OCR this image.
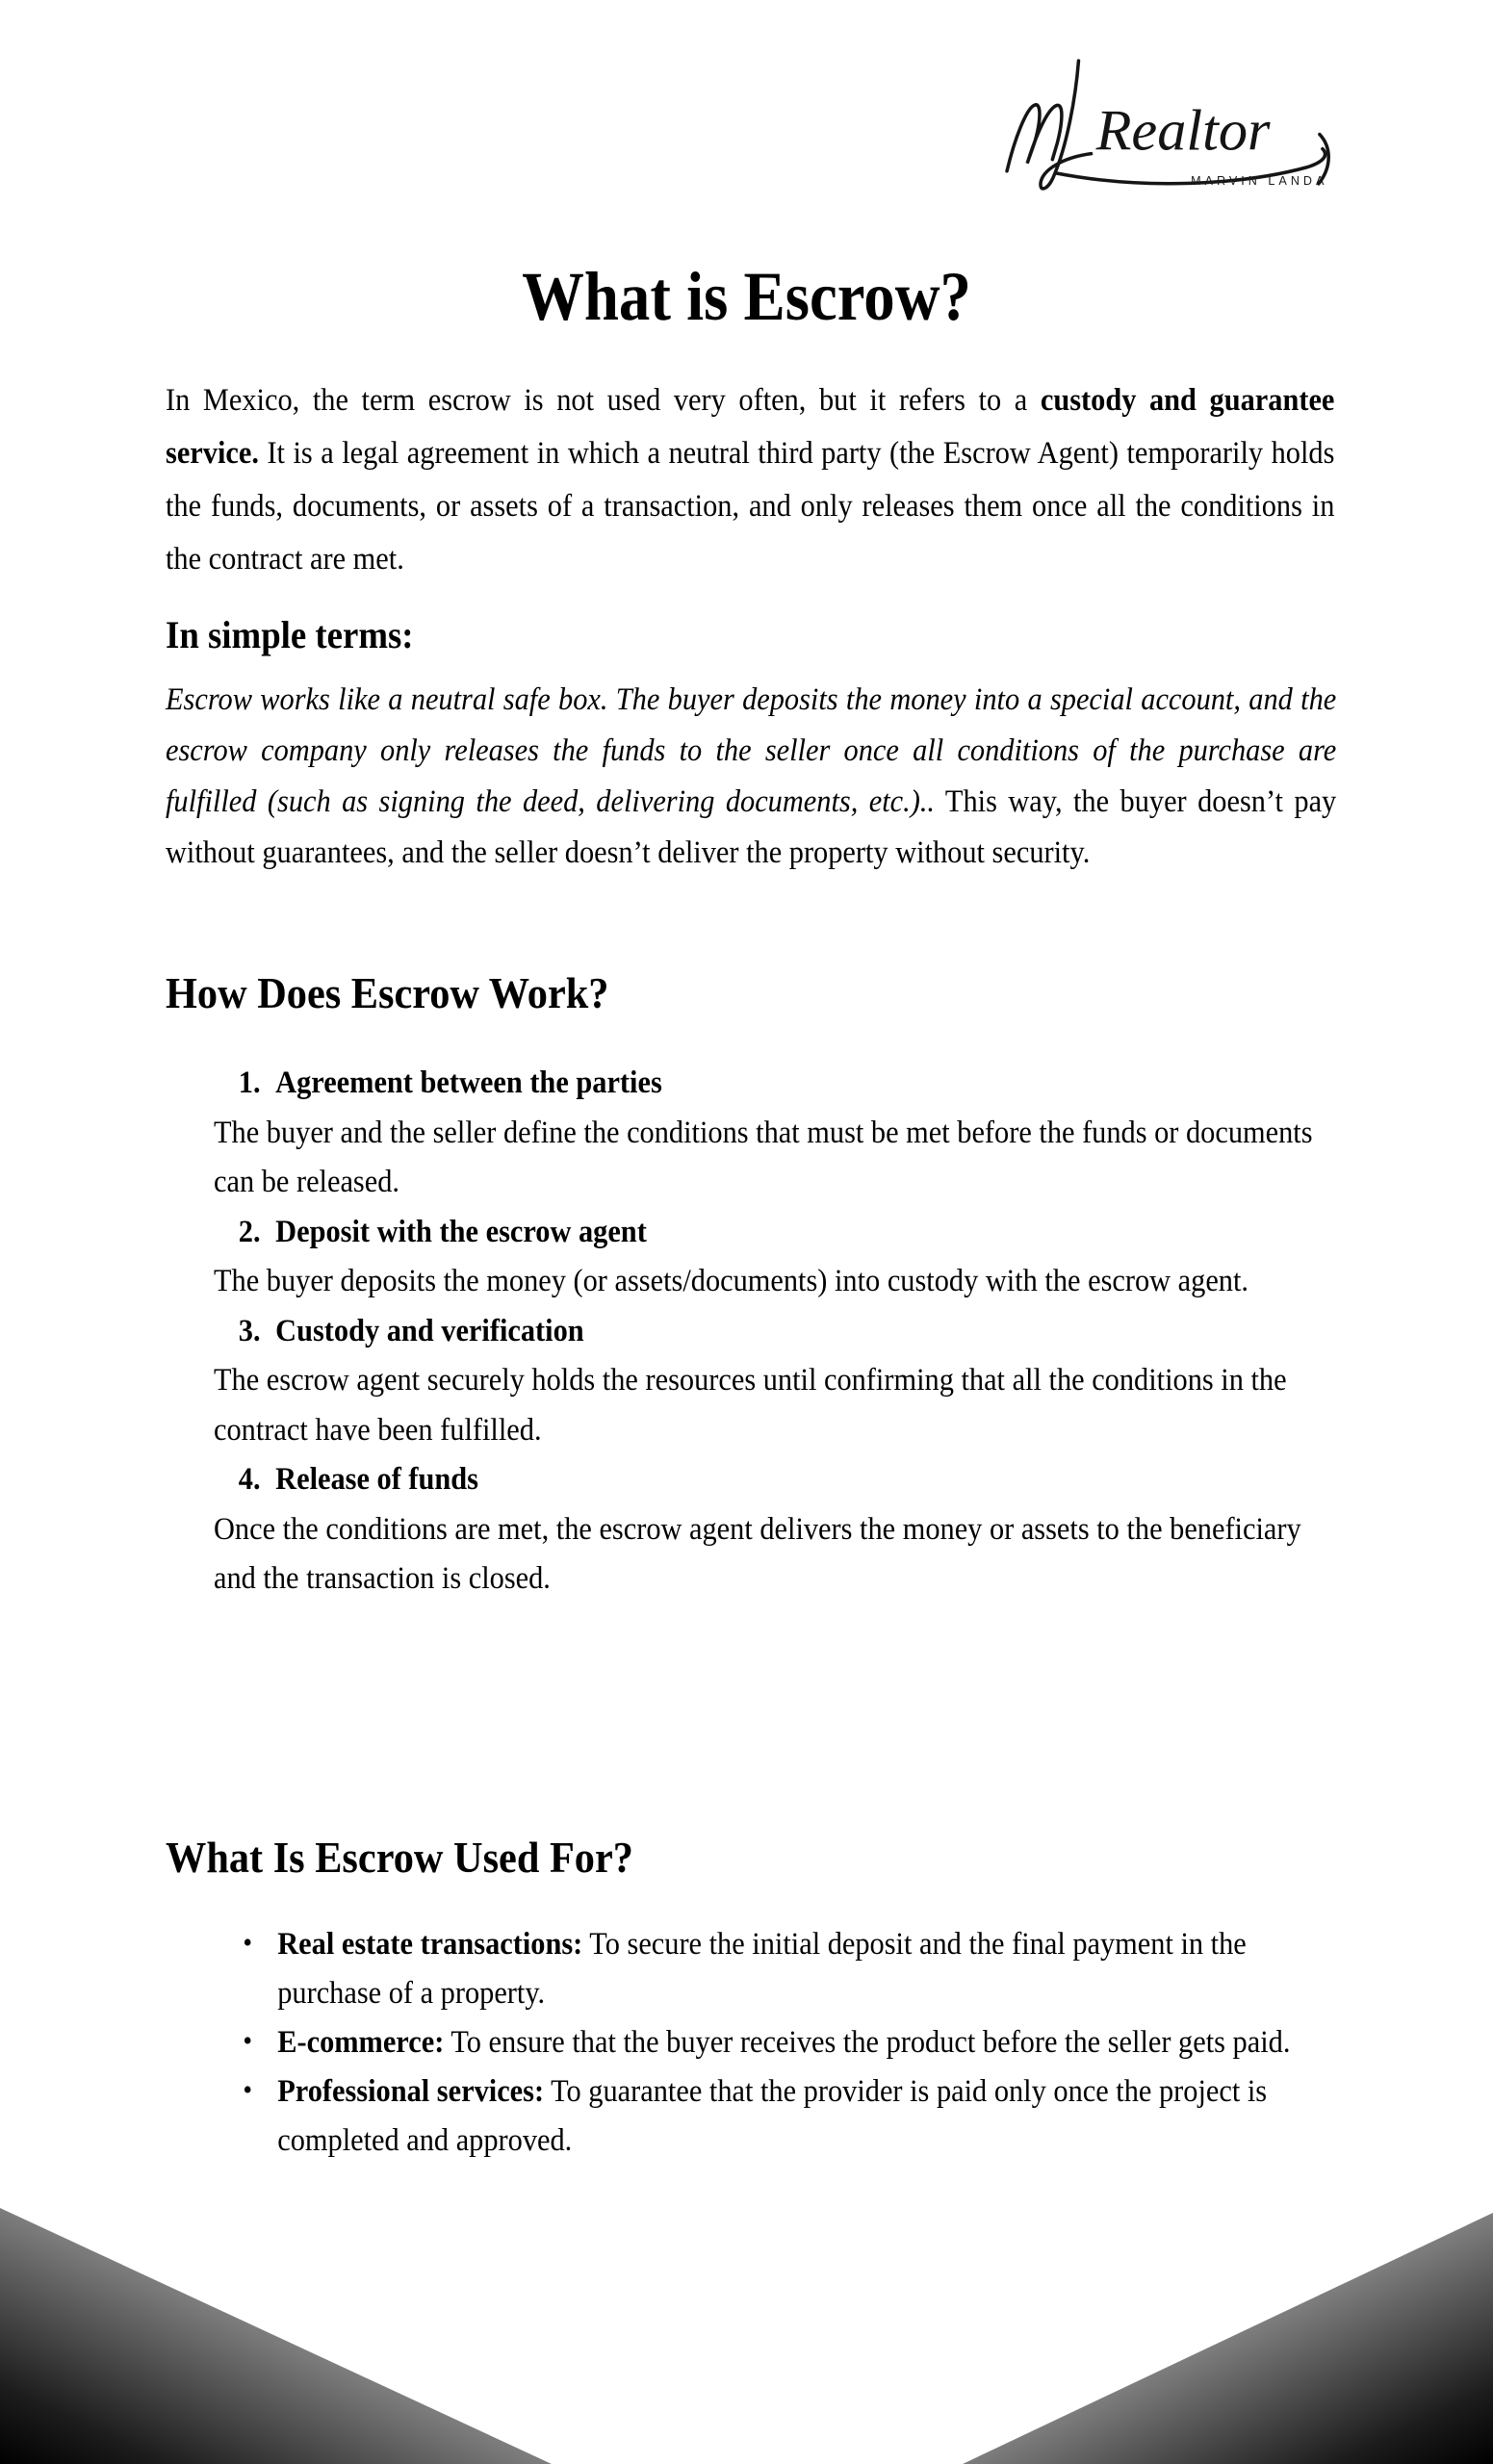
Realtor
MARVIN LANDA
What is Escrow?

In Mexico, the term escrow is not used very often, but it refers to a custody and guarantee service. It is a legal agreement in which a neutral third party (the Escrow Agent) temporarily holds the funds, documents, or assets of a transaction, and only releases them once all the conditions in the contract are met.

In simple terms:

Escrow works like a neutral safe box. The buyer deposits the money into a special account, and the escrow company only releases the funds to the seller once all conditions of the purchase are fulfilled (such as signing the deed, delivering documents, etc.).. This way, the buyer doesn’t pay without guarantees, and the seller doesn’t deliver the property without security.

How Does Escrow Work?
1. Agreement between the parties
The buyer and the seller define the conditions that must be met before the funds or documents can be released.
2. Deposit with the escrow agent
The buyer deposits the money (or assets/documents) into custody with the escrow agent.
3. Custody and verification
The escrow agent securely holds the resources until confirming that all the conditions in the contract have been fulfilled.
4. Release of funds
Once the conditions are met, the escrow agent delivers the money or assets to the beneficiary and the transaction is closed.
What Is Escrow Used For?
• Real estate transactions: To secure the initial deposit and the final payment in the purchase of a property.
• E-commerce: To ensure that the buyer receives the product before the seller gets paid.
• Professional services: To guarantee that the provider is paid only once the project is completed and approved.
